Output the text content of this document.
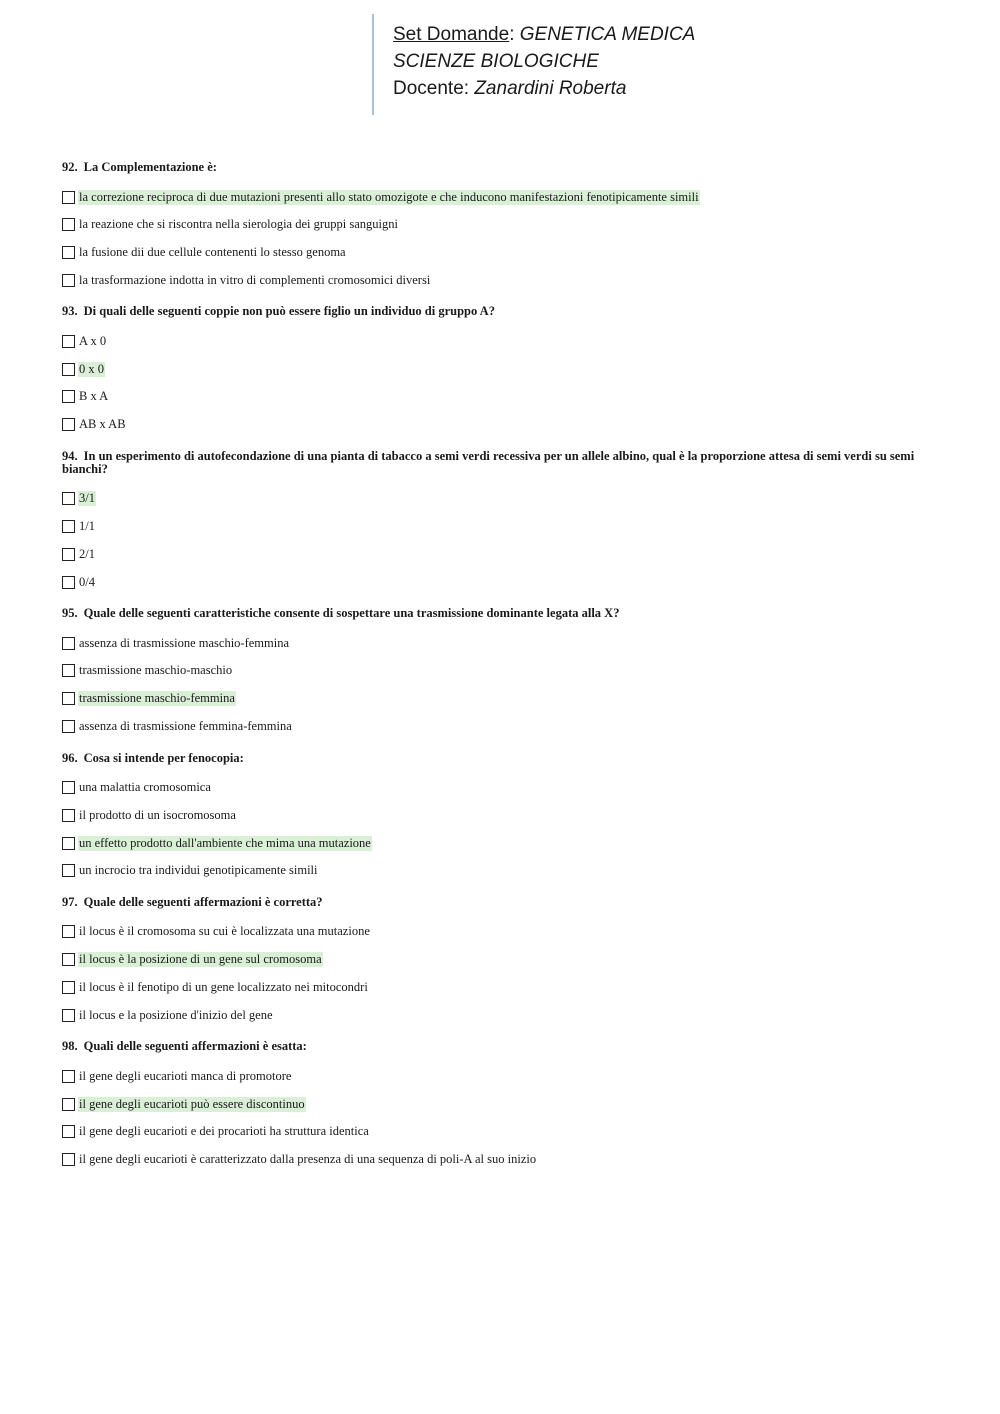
Set Domande: GENETICA MEDICA
SCIENZE BIOLOGICHE
Docente: Zanardini Roberta
92. La Complementazione è:
la correzione reciproca di due mutazioni presenti allo stato omozigote e che inducono manifestazioni fenotipicamente simili
la reazione che si riscontra nella sierologia dei gruppi sanguigni
la fusione dii due cellule contenenti lo stesso genoma
la trasformazione indotta in vitro di complementi cromosomici diversi
93. Di quali delle seguenti coppie non può essere figlio un individuo di gruppo A?
A x 0
0 x 0
B x A
AB x AB
94. In un esperimento di autofecondazione di una pianta di tabacco a semi verdi recessiva per un allele albino, qual è la proporzione attesa di semi verdi su semi bianchi?
3/1
1/1
2/1
0/4
95. Quale delle seguenti caratteristiche consente di sospettare una trasmissione dominante legata alla X?
assenza di trasmissione maschio-femmina
trasmissione maschio-maschio
trasmissione maschio-femmina
assenza di trasmissione femmina-femmina
96. Cosa si intende per fenocopia:
una malattia cromosomica
il prodotto di un isocromosoma
un effetto prodotto dall'ambiente che mima una mutazione
un incrocio tra individui genotipicamente simili
97. Quale delle seguenti affermazioni è corretta?
il locus è il cromosoma su cui è localizzata una mutazione
il locus è la posizione di un gene sul cromosoma
il locus è il fenotipo di un gene localizzato nei mitocondri
il locus e la posizione d'inizio del gene
98. Quali delle seguenti affermazioni è esatta:
il gene degli eucarioti manca di promotore
il gene degli eucarioti può essere discontinuo
il gene degli eucarioti e dei procarioti ha struttura identica
il gene degli eucarioti è caratterizzato dalla presenza di una sequenza di poli-A al suo inizio
